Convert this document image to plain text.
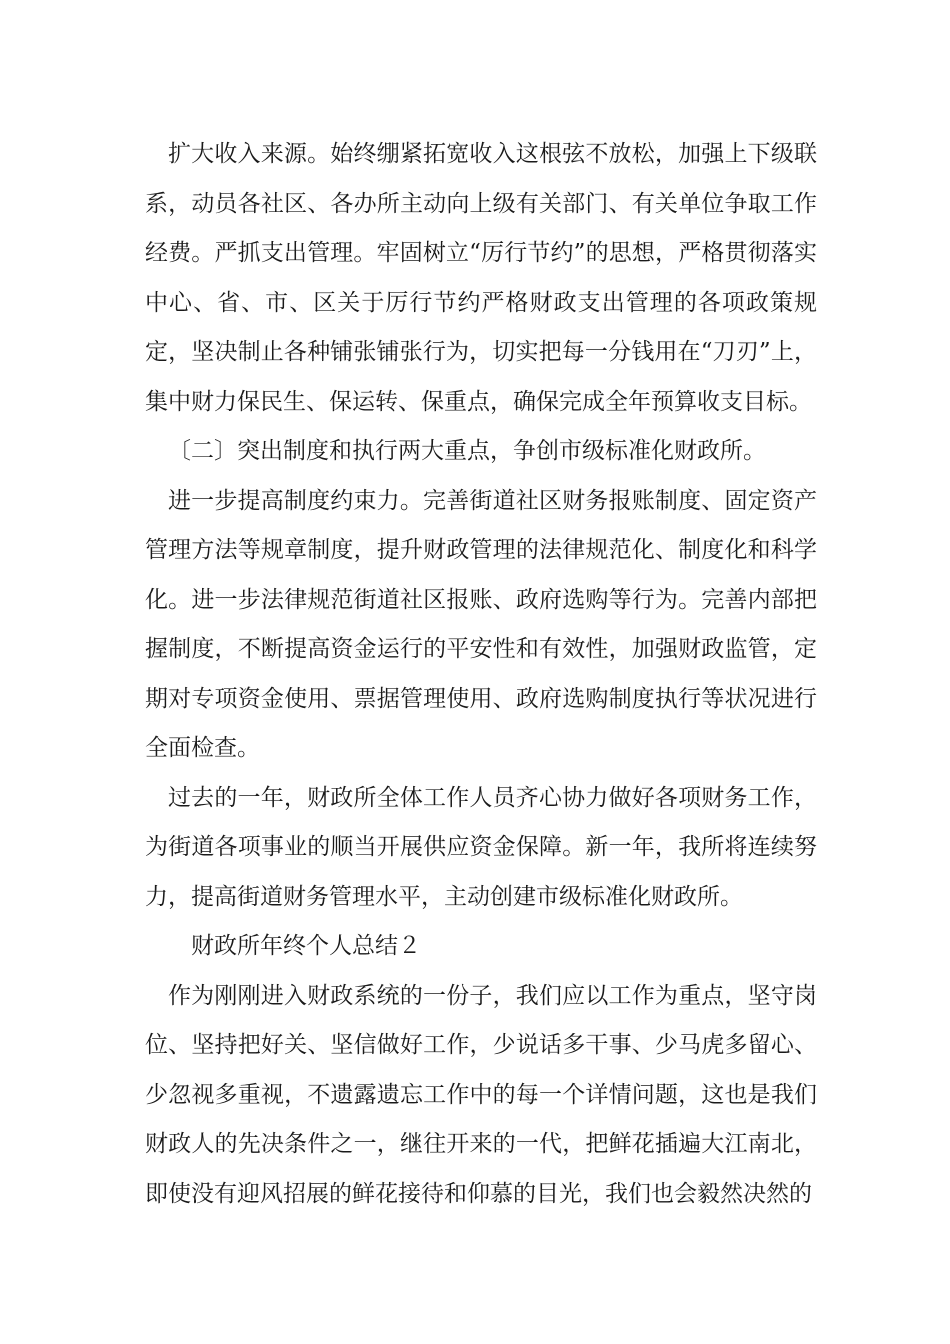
扩大收入来源。始终绷紧拓宽收入这根弦不放松，加强上下级联系，动员各社区、各办所主动向上级有关部门、有关单位争取工作经费。严抓支出管理。牢固树立“厉行节约”的思想，严格贯彻落实中心、省、市、区关于厉行节约严格财政支出管理的各项政策规定，坚决制止各种铺张铺张行为，切实把每一分钱用在“刀刃”上，集中财力保民生、保运转、保重点，确保完成全年预算收支目标。

〔二〕突出制度和执行两大重点，争创市级标准化财政所。

进一步提高制度约束力。完善街道社区财务报账制度、固定资产管理方法等规章制度，提升财政管理的法律规范化、制度化和科学化。进一步法律规范街道社区报账、政府选购等行为。完善内部把握制度，不断提高资金运行的平安性和有效性，加强财政监管，定期对专项资金使用、票据管理使用、政府选购制度执行等状况进行全面检查。

过去的一年，财政所全体工作人员齐心协力做好各项财务工作，为街道各项事业的顺当开展供应资金保障。新一年，我所将连续努力，提高街道财务管理水平，主动创建市级标准化财政所。

财政所年终个人总结２

作为刚刚进入财政系统的一份子，我们应以工作为重点，坚守岗位、坚持把好关、坚信做好工作，少说话多干事、少马虎多留心、少忽视多重视，不遗露遗忘工作中的每一个详情问题，这也是我们财政人的先决条件之一，继往开来的一代，把鲜花插遍大江南北，即使没有迎风招展的鲜花接待和仰慕的目光，我们也会毅然决然的
